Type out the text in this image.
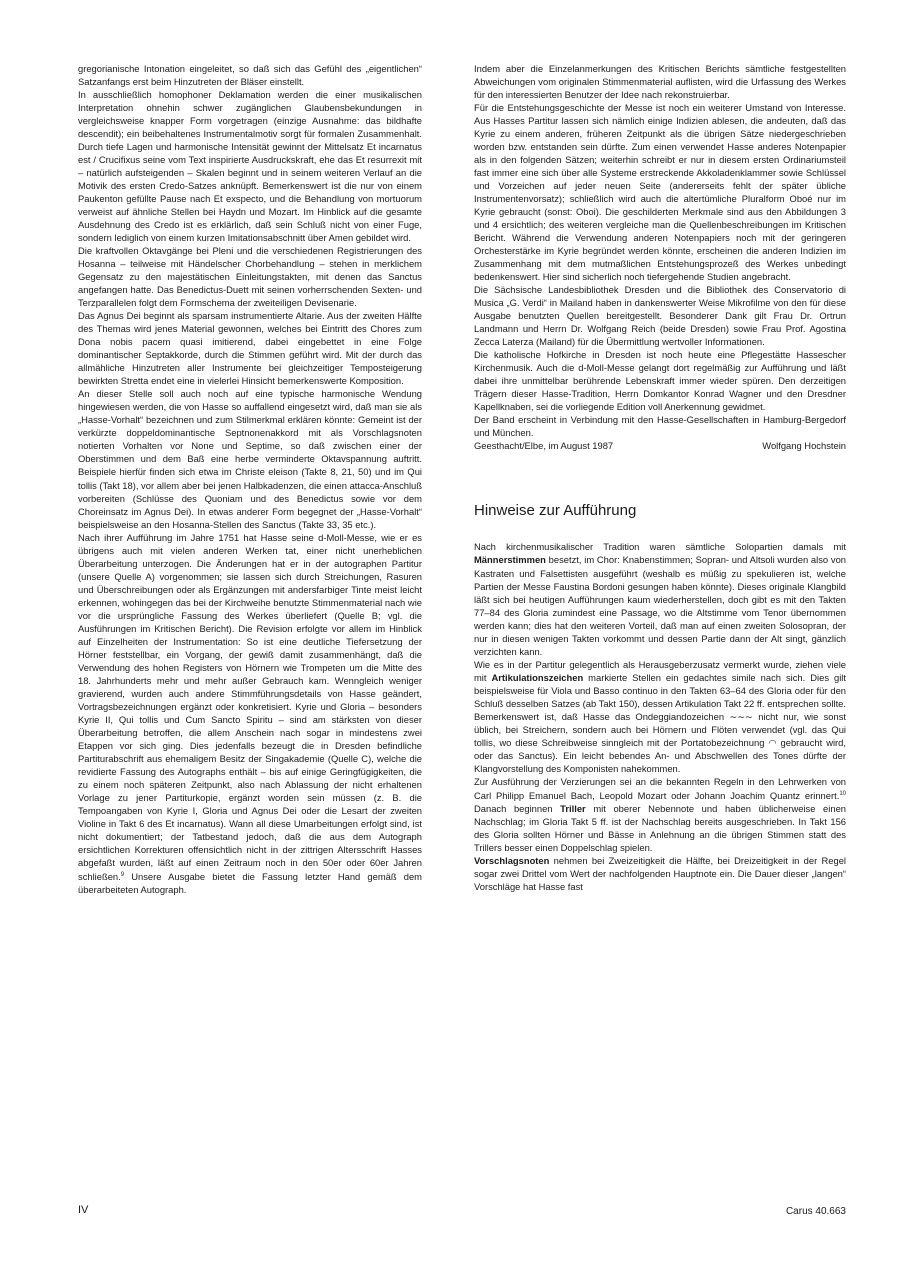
gregorianische Intonation eingeleitet, so daß sich das Gefühl des „eigentlichen“ Satzanfangs erst beim Hinzutreten der Bläser einstellt.

In ausschließlich homophoner Deklamation werden die einer musikalischen Interpretation ohnehin schwer zugänglichen Glaubensbekundungen in vergleichsweise knapper Form vorgetragen (einzige Ausnahme: das bildhafte descendit); ein beibehaltenes Instrumentalmotiv sorgt für formalen Zusammenhalt. Durch tiefe Lagen und harmonische Intensität gewinnt der Mittelsatz Et incarnatus est / Crucifixus seine vom Text inspirierte Ausdruckskraft, ehe das Et resurrexit mit – natürlich aufsteigenden – Skalen beginnt und in seinem weiteren Verlauf an die Motivik des ersten Credo-Satzes anknüpft. Bemerkenswert ist die nur von einem Paukenton gefüllte Pause nach Et exspecto, und die Behandlung von mortuorum verweist auf ähnliche Stellen bei Haydn und Mozart. Im Hinblick auf die gesamte Ausdehnung des Credo ist es erklärlich, daß sein Schluß nicht von einer Fuge, sondern lediglich von einem kurzen Imitationsabschnitt über Amen gebildet wird.

Die kraftvollen Oktavgänge bei Pleni und die verschiedenen Registrierungen des Hosanna – teilweise mit Händelscher Chorbehandlung – stehen in merklichem Gegensatz zu den majestätischen Einleitungstakten, mit denen das Sanctus angefangen hatte. Das Benedictus-Duett mit seinen vorherrschenden Sexten- und Terzparallelen folgt dem Formschema der zweiteiligen Devisenarie.

Das Agnus Dei beginnt als sparsam instrumentierte Altarie. Aus der zweiten Hälfte des Themas wird jenes Material gewonnen, welches bei Eintritt des Chores zum Dona nobis pacem quasi imitierend, dabei eingebettet in eine Folge dominantischer Septakkorde, durch die Stimmen geführt wird. Mit der durch das allmähliche Hinzutreten aller Instrumente bei gleichzeitiger Temposteigerung bewirkten Stretta endet eine in vielerlei Hinsicht bemerkenswerte Komposition.

An dieser Stelle soll auch noch auf eine typische harmonische Wendung hingewiesen werden, die von Hasse so auffallend eingesetzt wird, daß man sie als „Hasse-Vorhalt“ bezeichnen und zum Stilmerkmal erklären könnte: Gemeint ist der verkürzte doppeldominantische Septnonenakkord mit als Vorschlagsnoten notierten Vorhalten vor None und Septime, so daß zwischen einer der Oberstimmen und dem Baß eine herbe verminderte Oktavspannung auftritt. Beispiele hierfür finden sich etwa im Christe eleison (Takte 8, 21, 50) und im Qui tollis (Takt 18), vor allem aber bei jenen Halbkadenzen, die einen attacca-Anschluß vorbereiten (Schlüsse des Quoniam und des Benedictus sowie vor dem Choreinsatz im Agnus Dei). In etwas anderer Form begegnet der „Hasse-Vorhalt“ beispielsweise an den Hosanna-Stellen des Sanctus (Takte 33, 35 etc.).

Nach ihrer Aufführung im Jahre 1751 hat Hasse seine d-Moll-Messe, wie er es übrigens auch mit vielen anderen Werken tat, einer nicht unerheblichen Überarbeitung unterzogen. Die Änderungen hat er in der autographen Partitur (unsere Quelle A) vorgenommen; sie lassen sich durch Streichungen, Rasuren und Überschreibungen oder als Ergänzungen mit andersfarbiger Tinte meist leicht erkennen, wohingegen das bei der Kirchweihe benutzte Stimmenmaterial nach wie vor die ursprüngliche Fassung des Werkes überliefert (Quelle B; vgl. die Ausführungen im Kritischen Bericht). Die Revision erfolgte vor allem im Hinblick auf Einzelheiten der Instrumentation: So ist eine deutliche Tiefersetzung der Hörner feststellbar, ein Vorgang, der gewiß damit zusammenhängt, daß die Verwendung des hohen Registers von Hörnern wie Trompeten um die Mitte des 18. Jahrhunderts mehr und mehr außer Gebrauch kam. Wenngleich weniger gravierend, wurden auch andere Stimmführungsdetails von Hasse geändert, Vortragsbezeichnungen ergänzt oder konkretisiert. Kyrie und Gloria – besonders Kyrie II, Qui tollis und Cum Sancto Spiritu – sind am stärksten von dieser Überarbeitung betroffen, die allem Anschein nach sogar in mindestens zwei Etappen vor sich ging. Dies jedenfalls bezeugt die in Dresden befindliche Partiturabschrift aus ehemaligem Besitz der Singakademie (Quelle C), welche die revidierte Fassung des Autographs enthält – bis auf einige Geringfügigkeiten, die zu einem noch späteren Zeitpunkt, also nach Ablassung der nicht erhaltenen Vorlage zu jener Partiturkopie, ergänzt worden sein müssen (z. B. die Tempoangaben von Kyrie I, Gloria und Agnus Dei oder die Lesart der zweiten Violine in Takt 6 des Et incarnatus). Wann all diese Umarbeitungen erfolgt sind, ist nicht dokumentiert; der Tatbestand jedoch, daß die aus dem Autograph ersichtlichen Korrekturen offensichtlich nicht in der zittrigen Altersschrift Hasses abgefaßt wurden, läßt auf einen Zeitraum noch in den 50er oder 60er Jahren schließen.$^9$ Unsere Ausgabe bietet die Fassung letzter Hand gemäß dem überarbeiteten Autograph.

Indem aber die Einzelanmerkungen des Kritischen Berichts sämtliche festgestellten Abweichungen vom originalen Stimmenmaterial auflisten, wird die Urfassung des Werkes für den interessierten Benutzer der Idee nach rekonstruierbar.

Für die Entstehungsgeschichte der Messe ist noch ein weiterer Umstand von Interesse. Aus Hasses Partitur lassen sich nämlich einige Indizien ablesen, die andeuten, daß das Kyrie zu einem anderen, früheren Zeitpunkt als die übrigen Sätze niedergeschrieben worden bzw. entstanden sein dürfte. Zum einen verwendet Hasse anderes Notenpapier als in den folgenden Sätzen; weiterhin schreibt er nur in diesem ersten Ordinariumsteil fast immer eine sich über alle Systeme erstreckende Akkoladenklammer sowie Schlüssel und Vorzeichen auf jeder neuen Seite (andererseits fehlt der später übliche Instrumentenvorsatz); schließlich wird auch die altertümliche Pluralform Oboé nur im Kyrie gebraucht (sonst: Oboi). Die geschilderten Merkmale sind aus den Abbildungen 3 und 4 ersichtlich; des weiteren vergleiche man die Quellenbeschreibungen im Kritischen Bericht. Während die Verwendung anderen Notenpapiers noch mit der geringeren Orchesterstärke im Kyrie begründet werden könnte, erscheinen die anderen Indizien im Zusammenhang mit dem mutmaßlichen Entstehungsprozeß des Werkes unbedingt bedenkenswert. Hier sind sicherlich noch tiefergehende Studien angebracht.

Die Sächsische Landesbibliothek Dresden und die Bibliothek des Conservatorio di Musica „G. Verdi“ in Mailand haben in dankenswerter Weise Mikrofilme von den für diese Ausgabe benutzten Quellen bereitgestellt. Besonderer Dank gilt Frau Dr. Ortrun Landmann und Herrn Dr. Wolfgang Reich (beide Dresden) sowie Frau Prof. Agostina Zecca Laterza (Mailand) für die Übermittlung wertvoller Informationen.

Die katholische Hofkirche in Dresden ist noch heute eine Pflegestätte Hassescher Kirchenmusik. Auch die d-Moll-Messe gelangt dort regelmäßig zur Aufführung und läßt dabei ihre unmittelbar berührende Lebenskraft immer wieder spüren. Den derzeitigen Trägern dieser Hasse-Tradition, Herrn Domkantor Konrad Wagner und den Dresdner Kapellknaben, sei die vorliegende Edition voll Anerkennung gewidmet.

Der Band erscheint in Verbindung mit den Hasse-Gesellschaften in Hamburg-Bergedorf und München.

Geesthacht/Elbe, im August 1987	Wolfgang Hochstein
Hinweise zur Aufführung

Nach kirchenmusikalischer Tradition waren sämtliche Solopartien damals mit Männerstimmen besetzt, im Chor: Knabenstimmen; Sopran- und Altsoli wurden also von Kastraten und Falsettisten ausgeführt (weshalb es müßig zu spekulieren ist, welche Partien der Messe Faustina Bordoni gesungen haben könnte). Dieses originale Klangbild läßt sich bei heutigen Aufführungen kaum wiederherstellen, doch gibt es mit den Takten 77–84 des Gloria zumindest eine Passage, wo die Altstimme vom Tenor übernommen werden kann; dies hat den weiteren Vorteil, daß man auf einen zweiten Solosopran, der nur in diesen wenigen Takten vorkommt und dessen Partie dann der Alt singt, gänzlich verzichten kann.

Wie es in der Partitur gelegentlich als Herausgeberzusatz vermerkt wurde, ziehen viele mit Artikulationszeichen markierte Stellen ein gedachtes simile nach sich. Dies gilt beispielsweise für Viola und Basso continuo in den Takten 63–64 des Gloria oder für den Schluß desselben Satzes (ab Takt 150), dessen Artikulation Takt 22 ff. entsprechen sollte. Bemerkenswert ist, daß Hasse das Ondeggiandozeichen ∼∼∼ nicht nur, wie sonst üblich, bei Streichern, sondern auch bei Hörnern und Flöten verwendet (vgl. das Qui tollis, wo diese Schreibweise sinngleich mit der Portatobezeichnung ◠ gebraucht wird, oder das Sanctus). Ein leicht bebendes An- und Abschwellen des Tones dürfte der Klangvorstellung des Komponisten nahekommen.

Zur Ausführung der Verzierungen sei an die bekannten Regeln in den Lehrwerken von Carl Philipp Emanuel Bach, Leopold Mozart oder Johann Joachim Quantz erinnert.$^{10}$ Danach beginnen Triller mit oberer Nebennote und haben üblicherweise einen Nachschlag; im Gloria Takt 5 ff. ist der Nachschlag bereits ausgeschrieben. In Takt 156 des Gloria sollten Hörner und Bässe in Anlehnung an die übrigen Stimmen statt des Trillers besser einen Doppelschlag spielen.

Vorschlagsnoten nehmen bei Zweizeitigkeit die Hälfte, bei Dreizeitigkeit in der Regel sogar zwei Drittel vom Wert der nachfolgenden Hauptnote ein. Die Dauer dieser „langen“ Vorschläge hat Hasse fast

IV	Carus 40.663
